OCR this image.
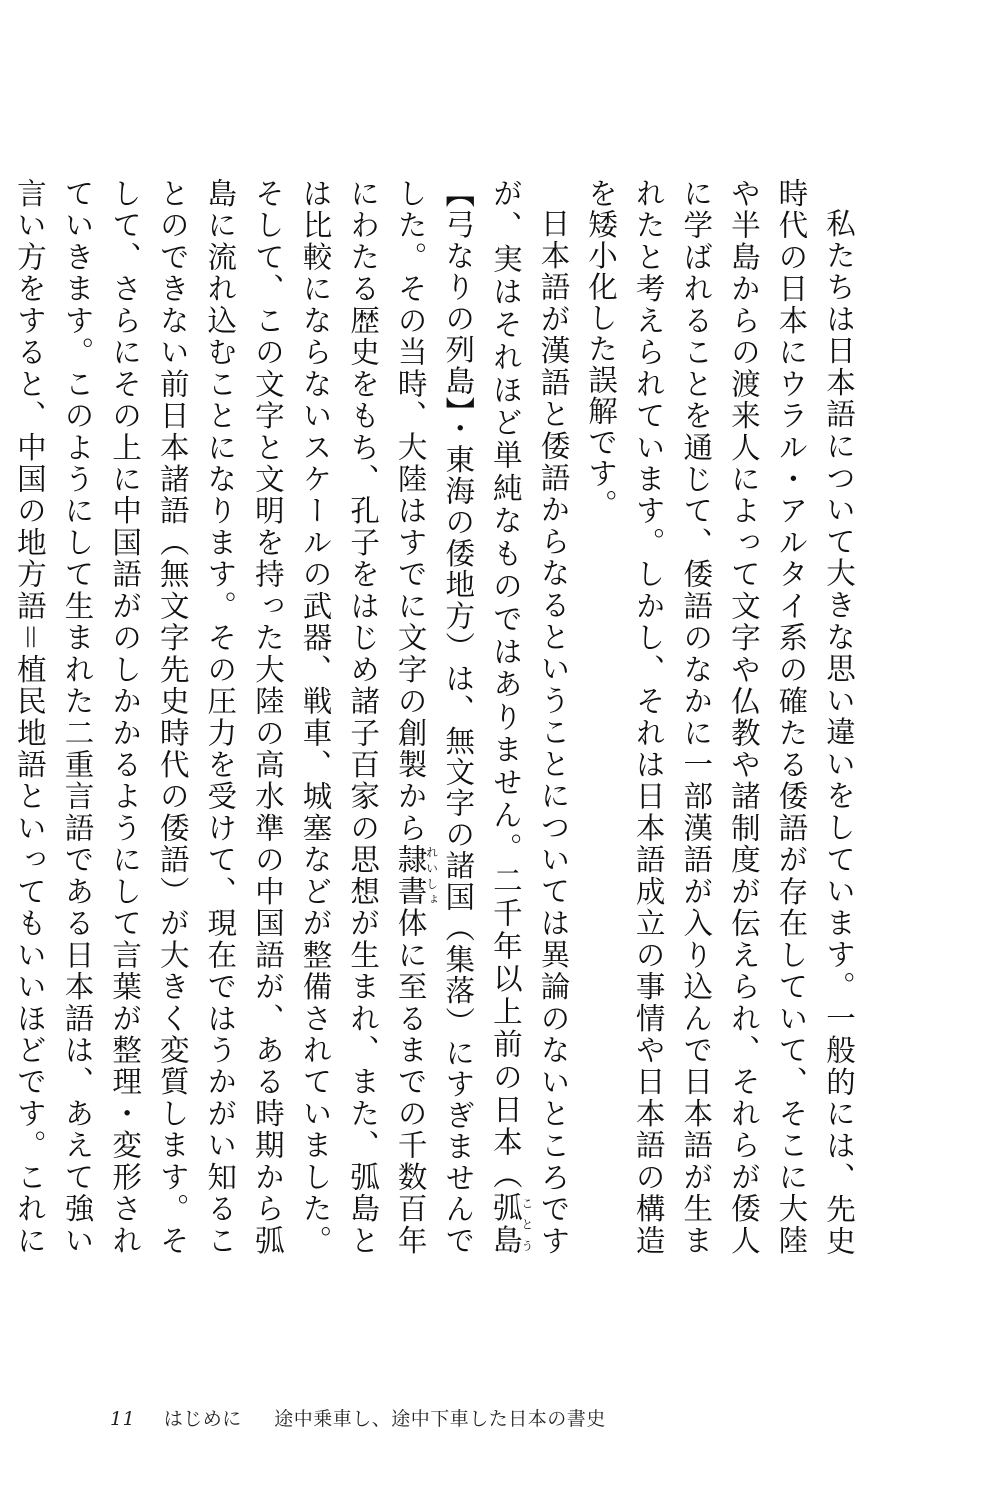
私たちは日本語について大きな思い違いをしています。一般的には、先史時代の日本にウラル・アルタイ系の確たる倭語が存在していて、そこに大陸や半島からの渡来人によって文字や仏教や諸制度が伝えられ、それらが倭人に学ばれることを通じて、倭語のなかに一部漢語が入り込んで日本語が生まれたと考えられています。しかし、それは日本語成立の事情や日本語の構造を矮小化した誤解です。

日本語が漢語と倭語からなるということについては異論のないところですが、実はそれほど単純なものではありません。二千年以上前の日本（弧島ことう【弓なりの列島】・東海の倭地方）は、無文字の諸国（集落）にすぎませんでした。その当時、大陸はすでに文字の創製から隷書れいしょ体に至るまでの千数百年にわたる歴史をもち、孔子をはじめ諸子百家の思想が生まれ、また、弧島とは比較にならないスケールの武器、戦車、城塞などが整備されていました。そして、この文字と文明を持った大陸の高水準の中国語が、ある時期から弧島に流れ込むことになります。その圧力を受けて、現在ではうかがい知ることのできない前日本諸語（無文字先史時代の倭語）が大きく変質します。そして、さらにその上に中国語がのしかかるようにして言葉が整理・変形されていきます。このようにして生まれた二重言語である日本語は、あえて強い言い方をすると、中国の地方語＝植民地語といってもいいほどです。これに

11 はじめに 途中乗車し、途中下車した日本の書史
